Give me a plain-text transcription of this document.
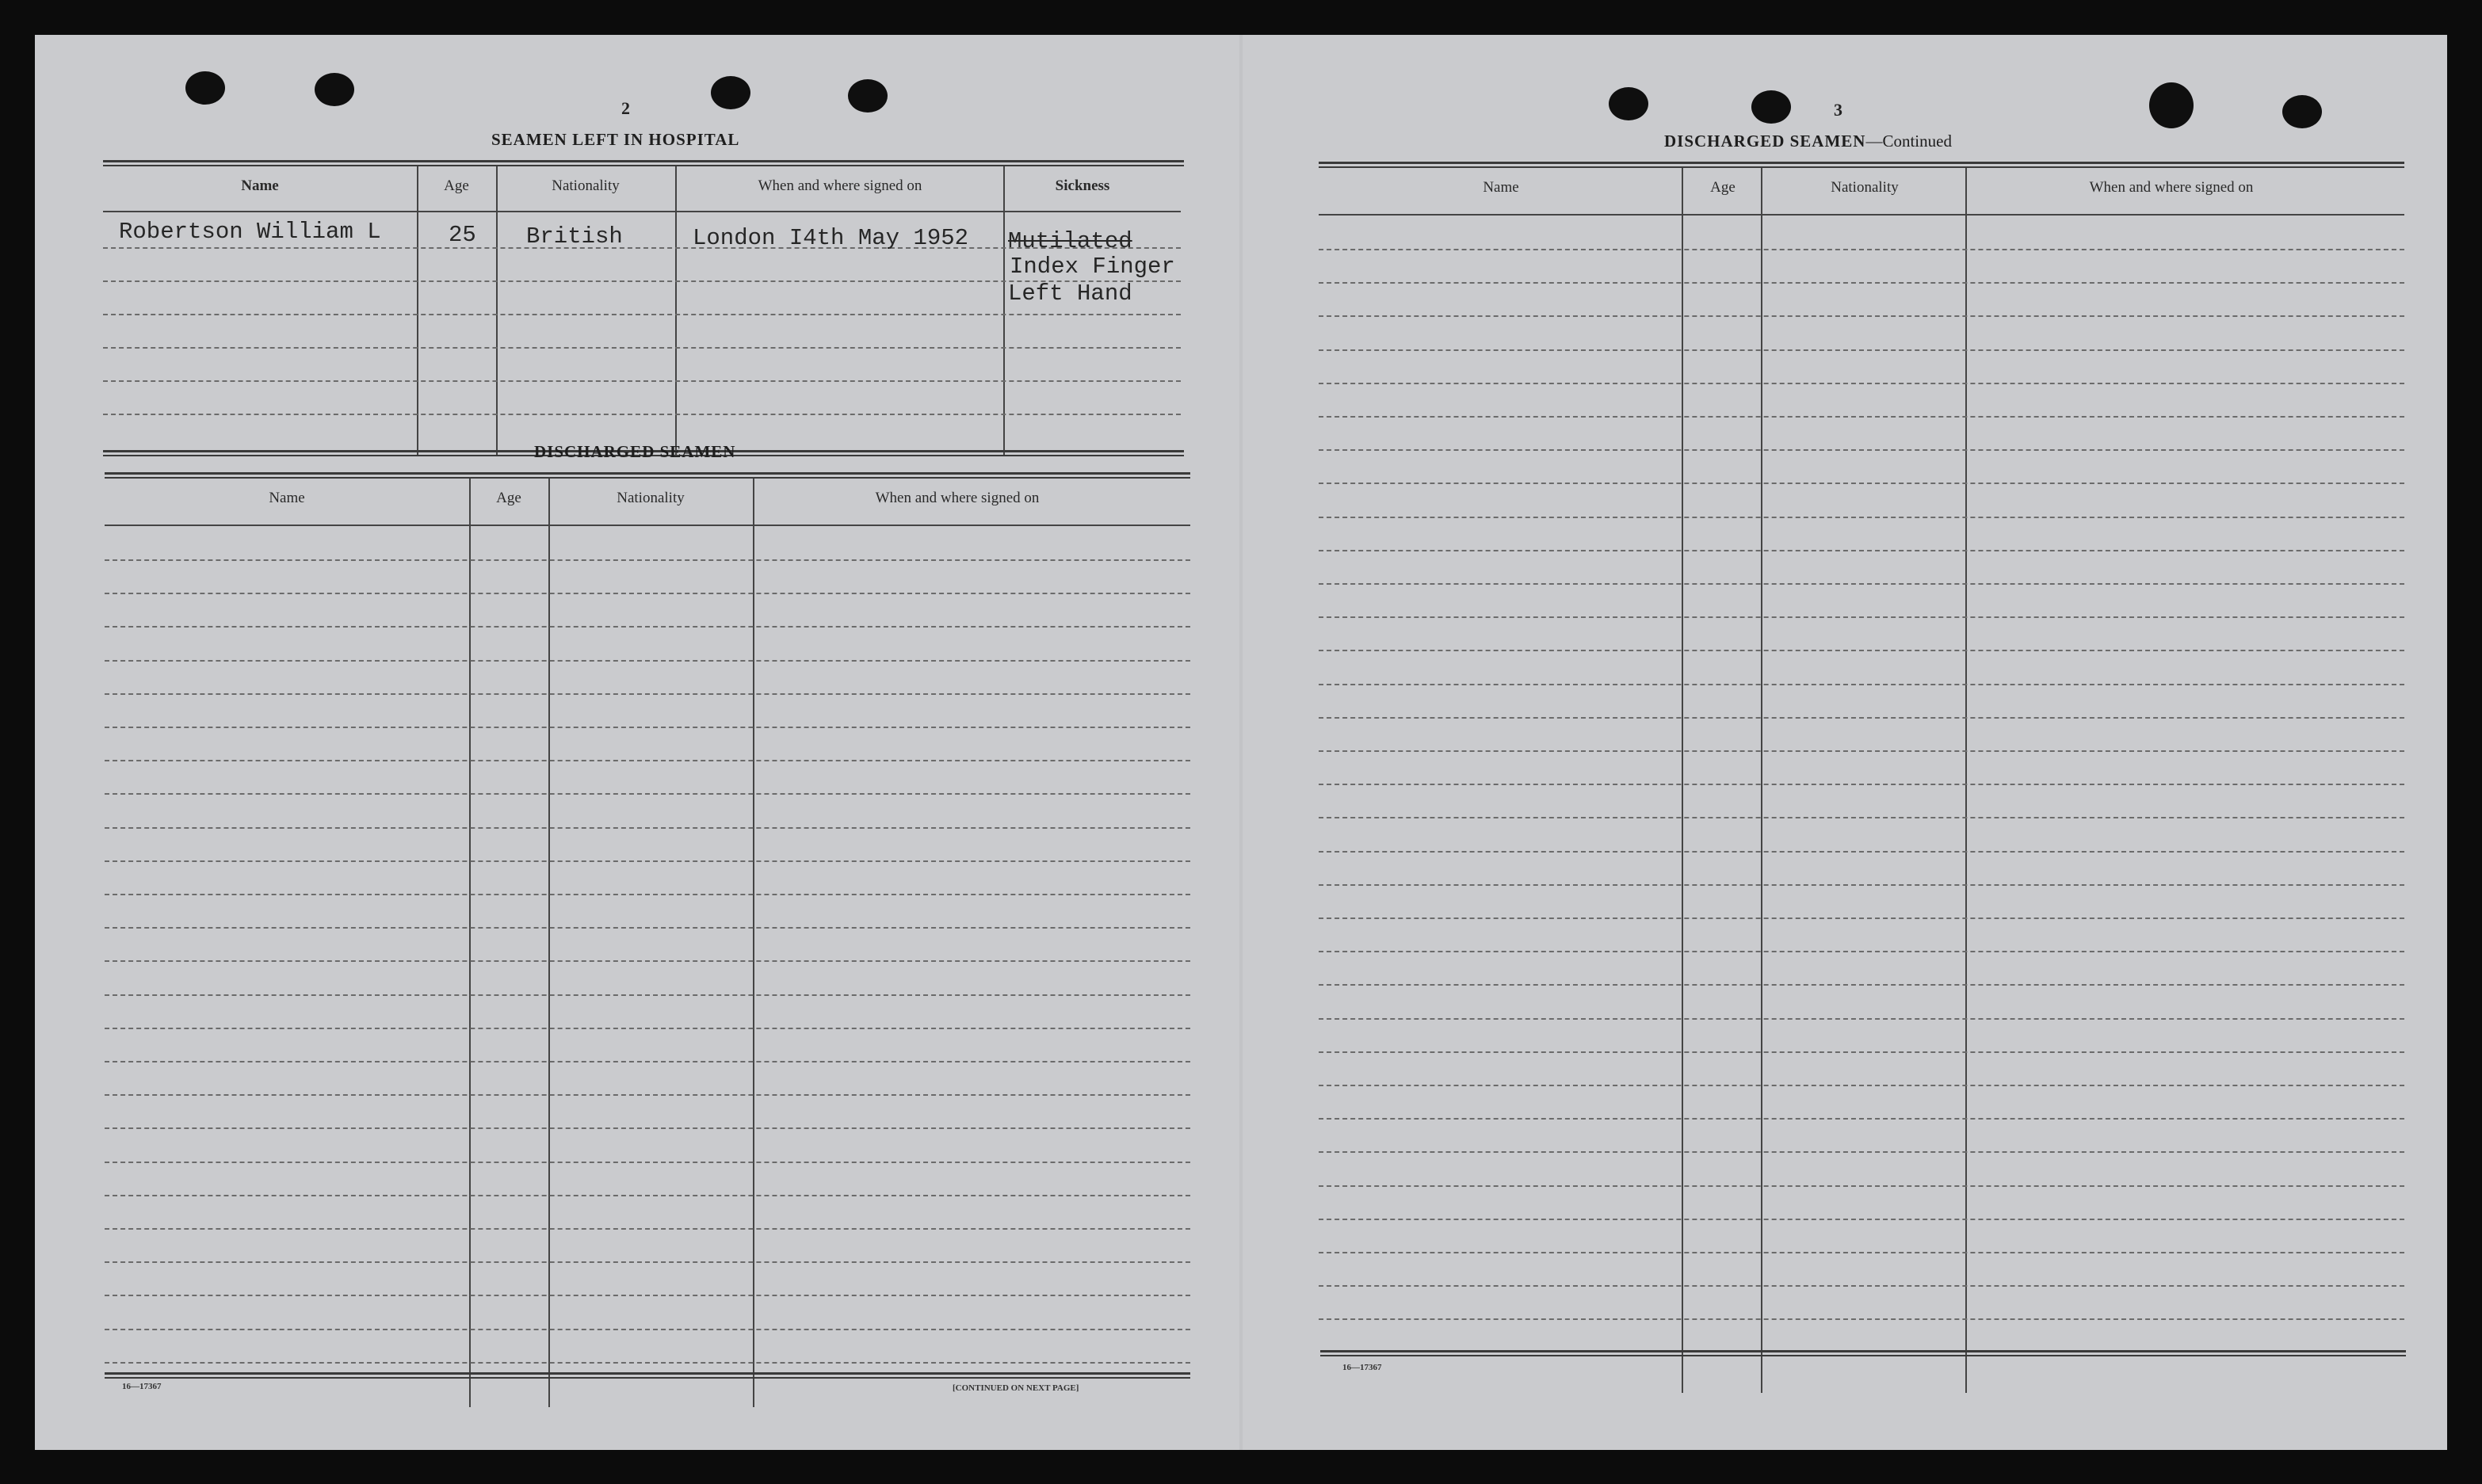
2
SEAMEN LEFT IN HOSPITAL
Name	Age	Nationality	When and where signed on	Sickness
Robertson William L	25 British	London I4th May 1952 Mutilated
Index Finger
Left Hand
DISCHARGED SEAMEN
Name	Age	Nationality	When and where signed on
16—17367	[CONTINUED ON NEXT PAGE]
3
DISCHARGED SEAMEN—Continued
Name	Age	Nationality	When and where signed on
16—17367
